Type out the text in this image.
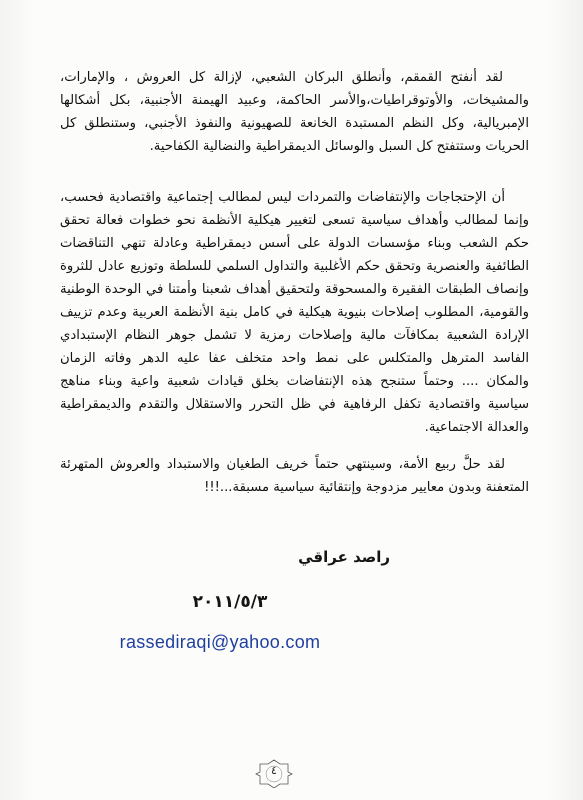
لقد أنفتح القمقم، وأنطلق البركان الشعبي، لإزالة كل العروش ، والإمارات، والمشيخات، والأوتوقراطيات،والأسر الحاكمة، وعبيد الهيمنة الأجنبية، بكل أشكالها الإمبريالية، وكل النظم المستبدة الخانعة للصهيونية والنفوذ الأجنبي، وستنطلق كل الحريات وستتفتح كل السبل والوسائل الديمقراطية والنضالية الكفاحية.

أن الإحتجاجات والإنتفاضات والتمردات ليس لمطالب إجتماعية واقتصادية فحسب، وإنما لمطالب وأهداف سياسية تسعى لتغيير هيكلية الأنظمة نحو خطوات فعالة تحقق حكم الشعب وبناء مؤسسات الدولة على أسس ديمقراطية وعادلة تنهي التناقضات الطائفية والعنصرية وتحقق حكم الأغلبية والتداول السلمي للسلطة وتوزيع عادل للثروة وإنصاف الطبقات الفقيرة والمسحوقة ولتحقيق أهداف شعبنا وأمتنا في الوحدة الوطنية والقومية، المطلوب إصلاحات بنيوية هيكلية في كامل بنية الأنظمة العربية وعدم تزييف الإرادة الشعبية بمكافآت مالية وإصلاحات رمزية لا تشمل جوهر النظام الإستبدادي الفاسد المترهل والمتكلس على نمط واحد متخلف عفا عليه الدهر وفاته الزمان والمكان .... وحتماً ستنجح هذه الإنتفاضات بخلق قيادات شعبية واعية وبناء مناهج سياسية واقتصادية تكفل الرفاهية في ظل التحرر والاستقلال والتقدم والديمقراطية والعدالة الاجتماعية.

لقد حلَّ ربيع الأمة، وسينتهي حتماً خريف الطغيان والاستبداد والعروش المتهرئة المتعفنة وبدون معايير مزدوجة وإنتقائية سياسية مسبقة...!!!

راصد عراقي

٢٠١١/٥/٣

rassediraqi@yahoo.com

٤
